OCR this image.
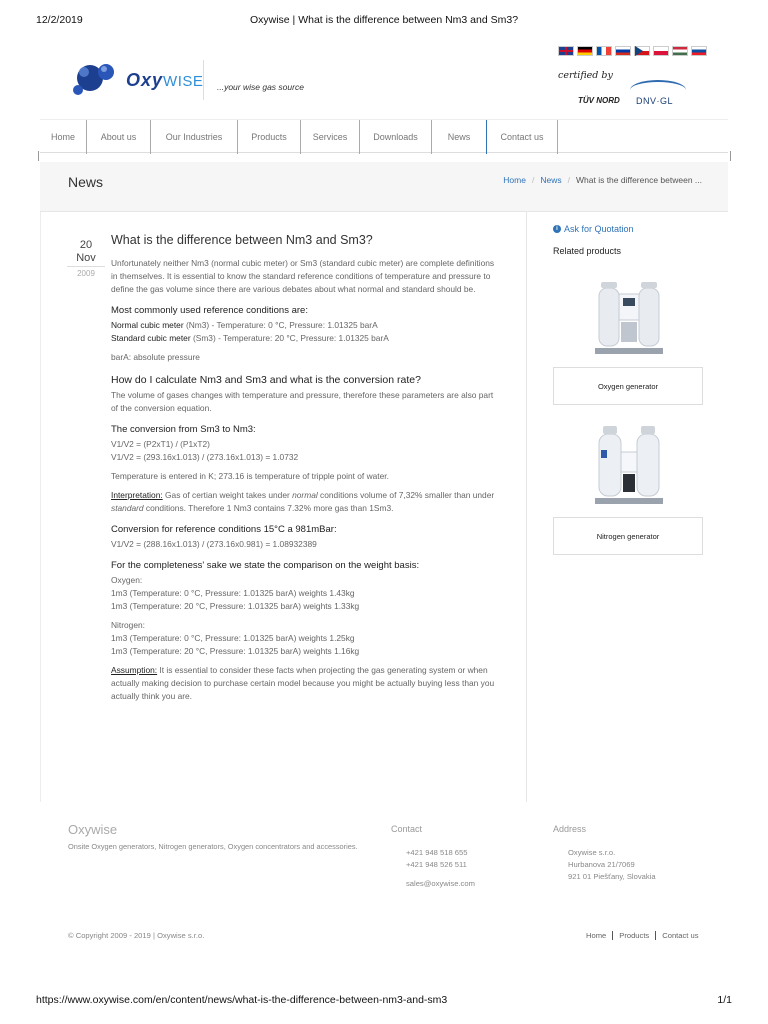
12/2/2019	Oxywise | What is the difference between Nm3 and Sm3?
https://www.oxywise.com/en/content/news/what-is-the-difference-between-nm3-and-sm3	1/1
OxyWISE ...your wise gas source
certified by
TÜV NORD DNV·GL
Home	About us	Our Industries	Products	Services	Downloads	News	Contact us
News	Home / News / What is the difference between ...
20
Nov
2009
What is the difference between Nm3 and Sm3?

Unfortunately neither Nm3 (normal cubic meter) or Sm3 (standard cubic meter) are complete definitions in themselves. It is essential to know the standard reference conditions of temperature and pressure to define the gas volume since there are various debates about what normal and standard should be.

Most commonly used reference conditions are:
Normal cubic meter (Nm3) - Temperature: 0 °C, Pressure: 1.01325 barA
Standard cubic meter (Sm3) - Temperature: 20 °C, Pressure: 1.01325 barA

barA: absolute pressure

How do I calculate Nm3 and Sm3 and what is the conversion rate?

The volume of gases changes with temperature and pressure, therefore these parameters are also part of the conversion equation.

The conversion from Sm3 to Nm3:
V1/V2 = (P2xT1) / (P1xT2)
V1/V2 = (293.16x1.013) / (273.16x1.013) = 1.0732

Temperature is entered in K; 273.16 is temperature of tripple point of water.

Interpretation: Gas of certian weight takes under normal conditions volume of 7,32% smaller than under standard conditions. Therefore 1 Nm3 contains 7.32% more gas than 1Sm3.

Conversion for reference conditions 15°C a 981mBar:

V1/V2 = (288.16x1.013) / (273.16x0.981) = 1.08932389

For the completeness' sake we state the comparison on the weight basis:
Oxygen:
1m3 (Temperature: 0 °C, Pressure: 1.01325 barA) weights 1.43kg
1m3 (Temperature: 20 °C, Pressure: 1.01325 barA) weights 1.33kg
Nitrogen:
1m3 (Temperature: 0 °C, Pressure: 1.01325 barA) weights 1.25kg
1m3 (Temperature: 20 °C, Pressure: 1.01325 barA) weights 1.16kg

Assumption: It is essential to consider these facts when projecting the gas generating system or when actually making decision to purchase certain model because you might be actually buying less than you actually think you are.

i Ask for Quotation
Related products
Oxygen generator
Nitrogen generator
Oxywise
Onsite Oxygen generators, Nitrogen generators, Oxygen concentrators and accessories.
Contact
+421 948 518 655
+421 948 526 511
sales@oxywise.com
Address
Oxywise s.r.o.
Hurbanova 21/7069
921 01 Piešťany, Slovakia
© Copyright 2009 - 2019 | Oxywise s.r.o.	Home	Products	Contact us
